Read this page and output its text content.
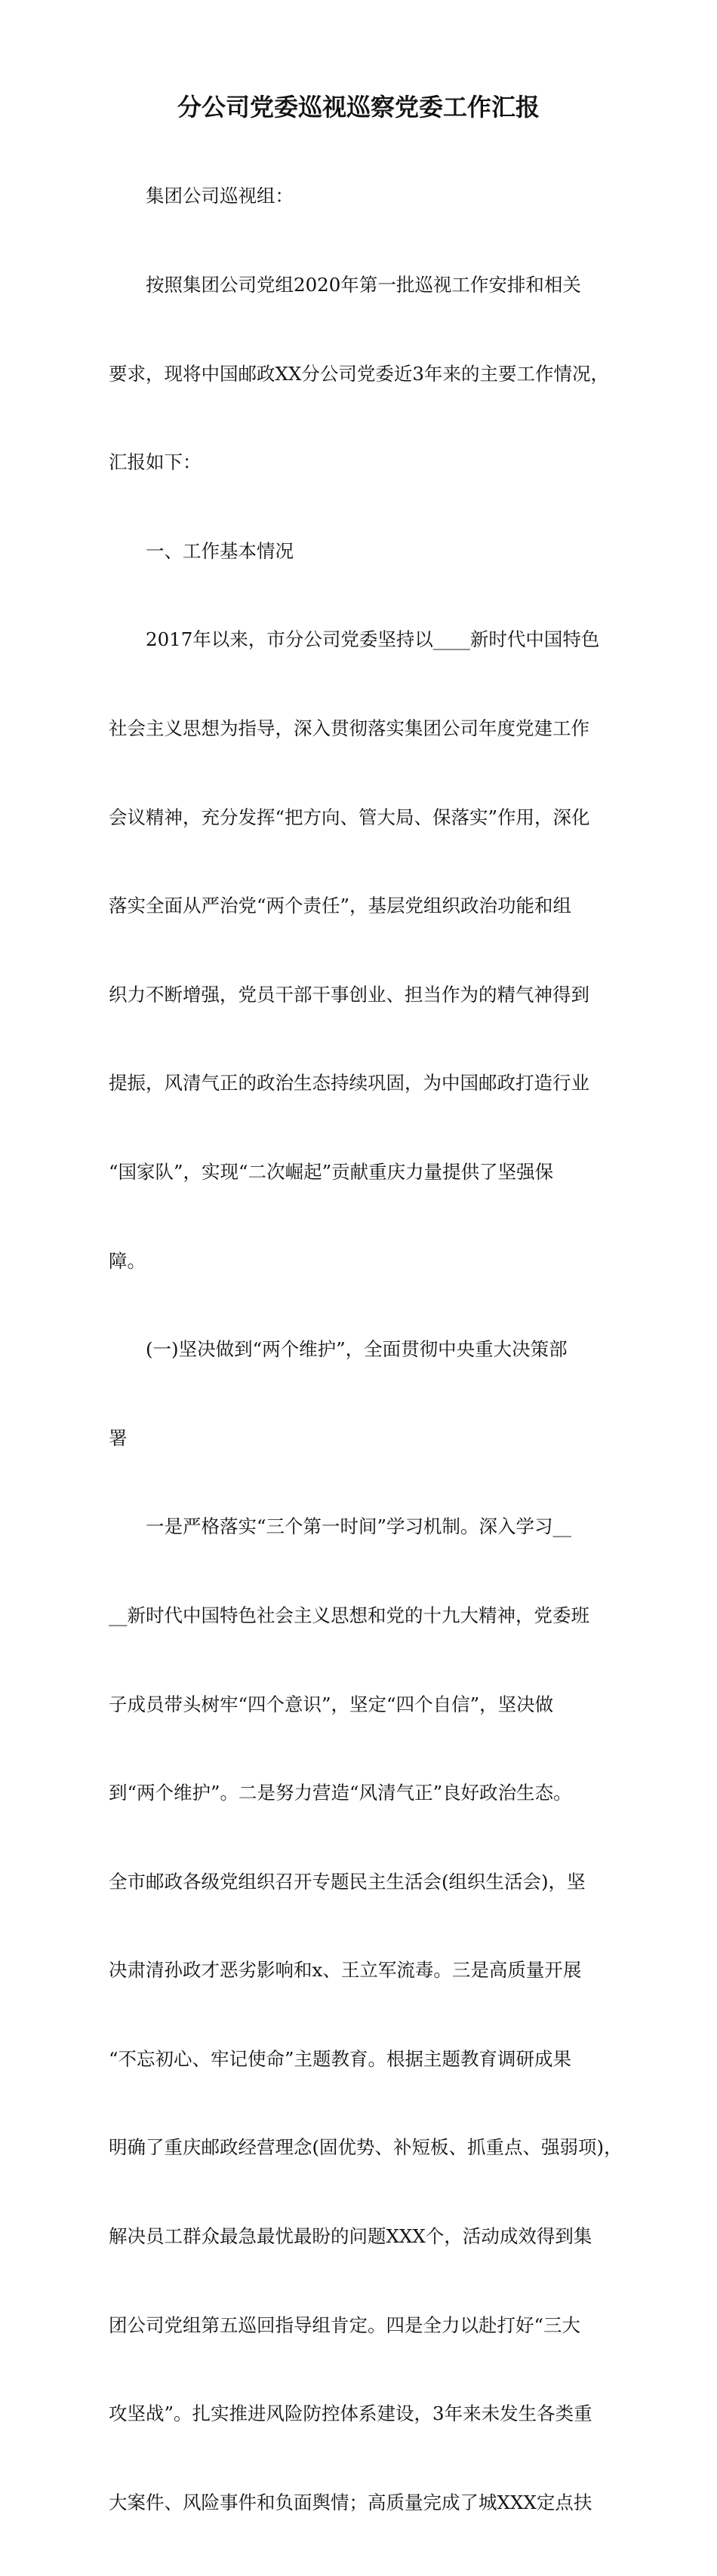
分公司党委巡视巡察党委工作汇报

　　集团公司巡视组：

　　按照集团公司党组2020年第一批巡视工作安排和相关

要求，现将中国邮政XX分公司党委近3年来的主要工作情况，

汇报如下：

　　一、工作基本情况

　　2017年以来，市分公司党委坚持以____新时代中国特色

社会主义思想为指导，深入贯彻落实集团公司年度党建工作

会议精神，充分发挥“把方向、管大局、保落实”作用，深化

落实全面从严治党“两个责任”，基层党组织政治功能和组

织力不断增强，党员干部干事创业、担当作为的精气神得到

提振，风清气正的政治生态持续巩固，为中国邮政打造行业

“国家队”，实现“二次崛起”贡献重庆力量提供了坚强保

障。

　　(一)坚决做到“两个维护”，全面贯彻中央重大决策部

署

　　一是严格落实“三个第一时间”学习机制。深入学习__

__新时代中国特色社会主义思想和党的十九大精神，党委班

子成员带头树牢“四个意识”，坚定“四个自信”，坚决做

到“两个维护”。二是努力营造“风清气正”良好政治生态。

全市邮政各级党组织召开专题民主生活会(组织生活会)，坚

决肃清孙政才恶劣影响和x、王立军流毒。三是高质量开展

“不忘初心、牢记使命”主题教育。根据主题教育调研成果

明确了重庆邮政经营理念(固优势、补短板、抓重点、强弱项)，

解决员工群众最急最忧最盼的问题XXX个，活动成效得到集

团公司党组第五巡回指导组肯定。四是全力以赴打好“三大

攻坚战”。扎实推进风险防控体系建设，3年来未发生各类重

大案件、风险事件和负面舆情；高质量完成了城XXX定点扶
